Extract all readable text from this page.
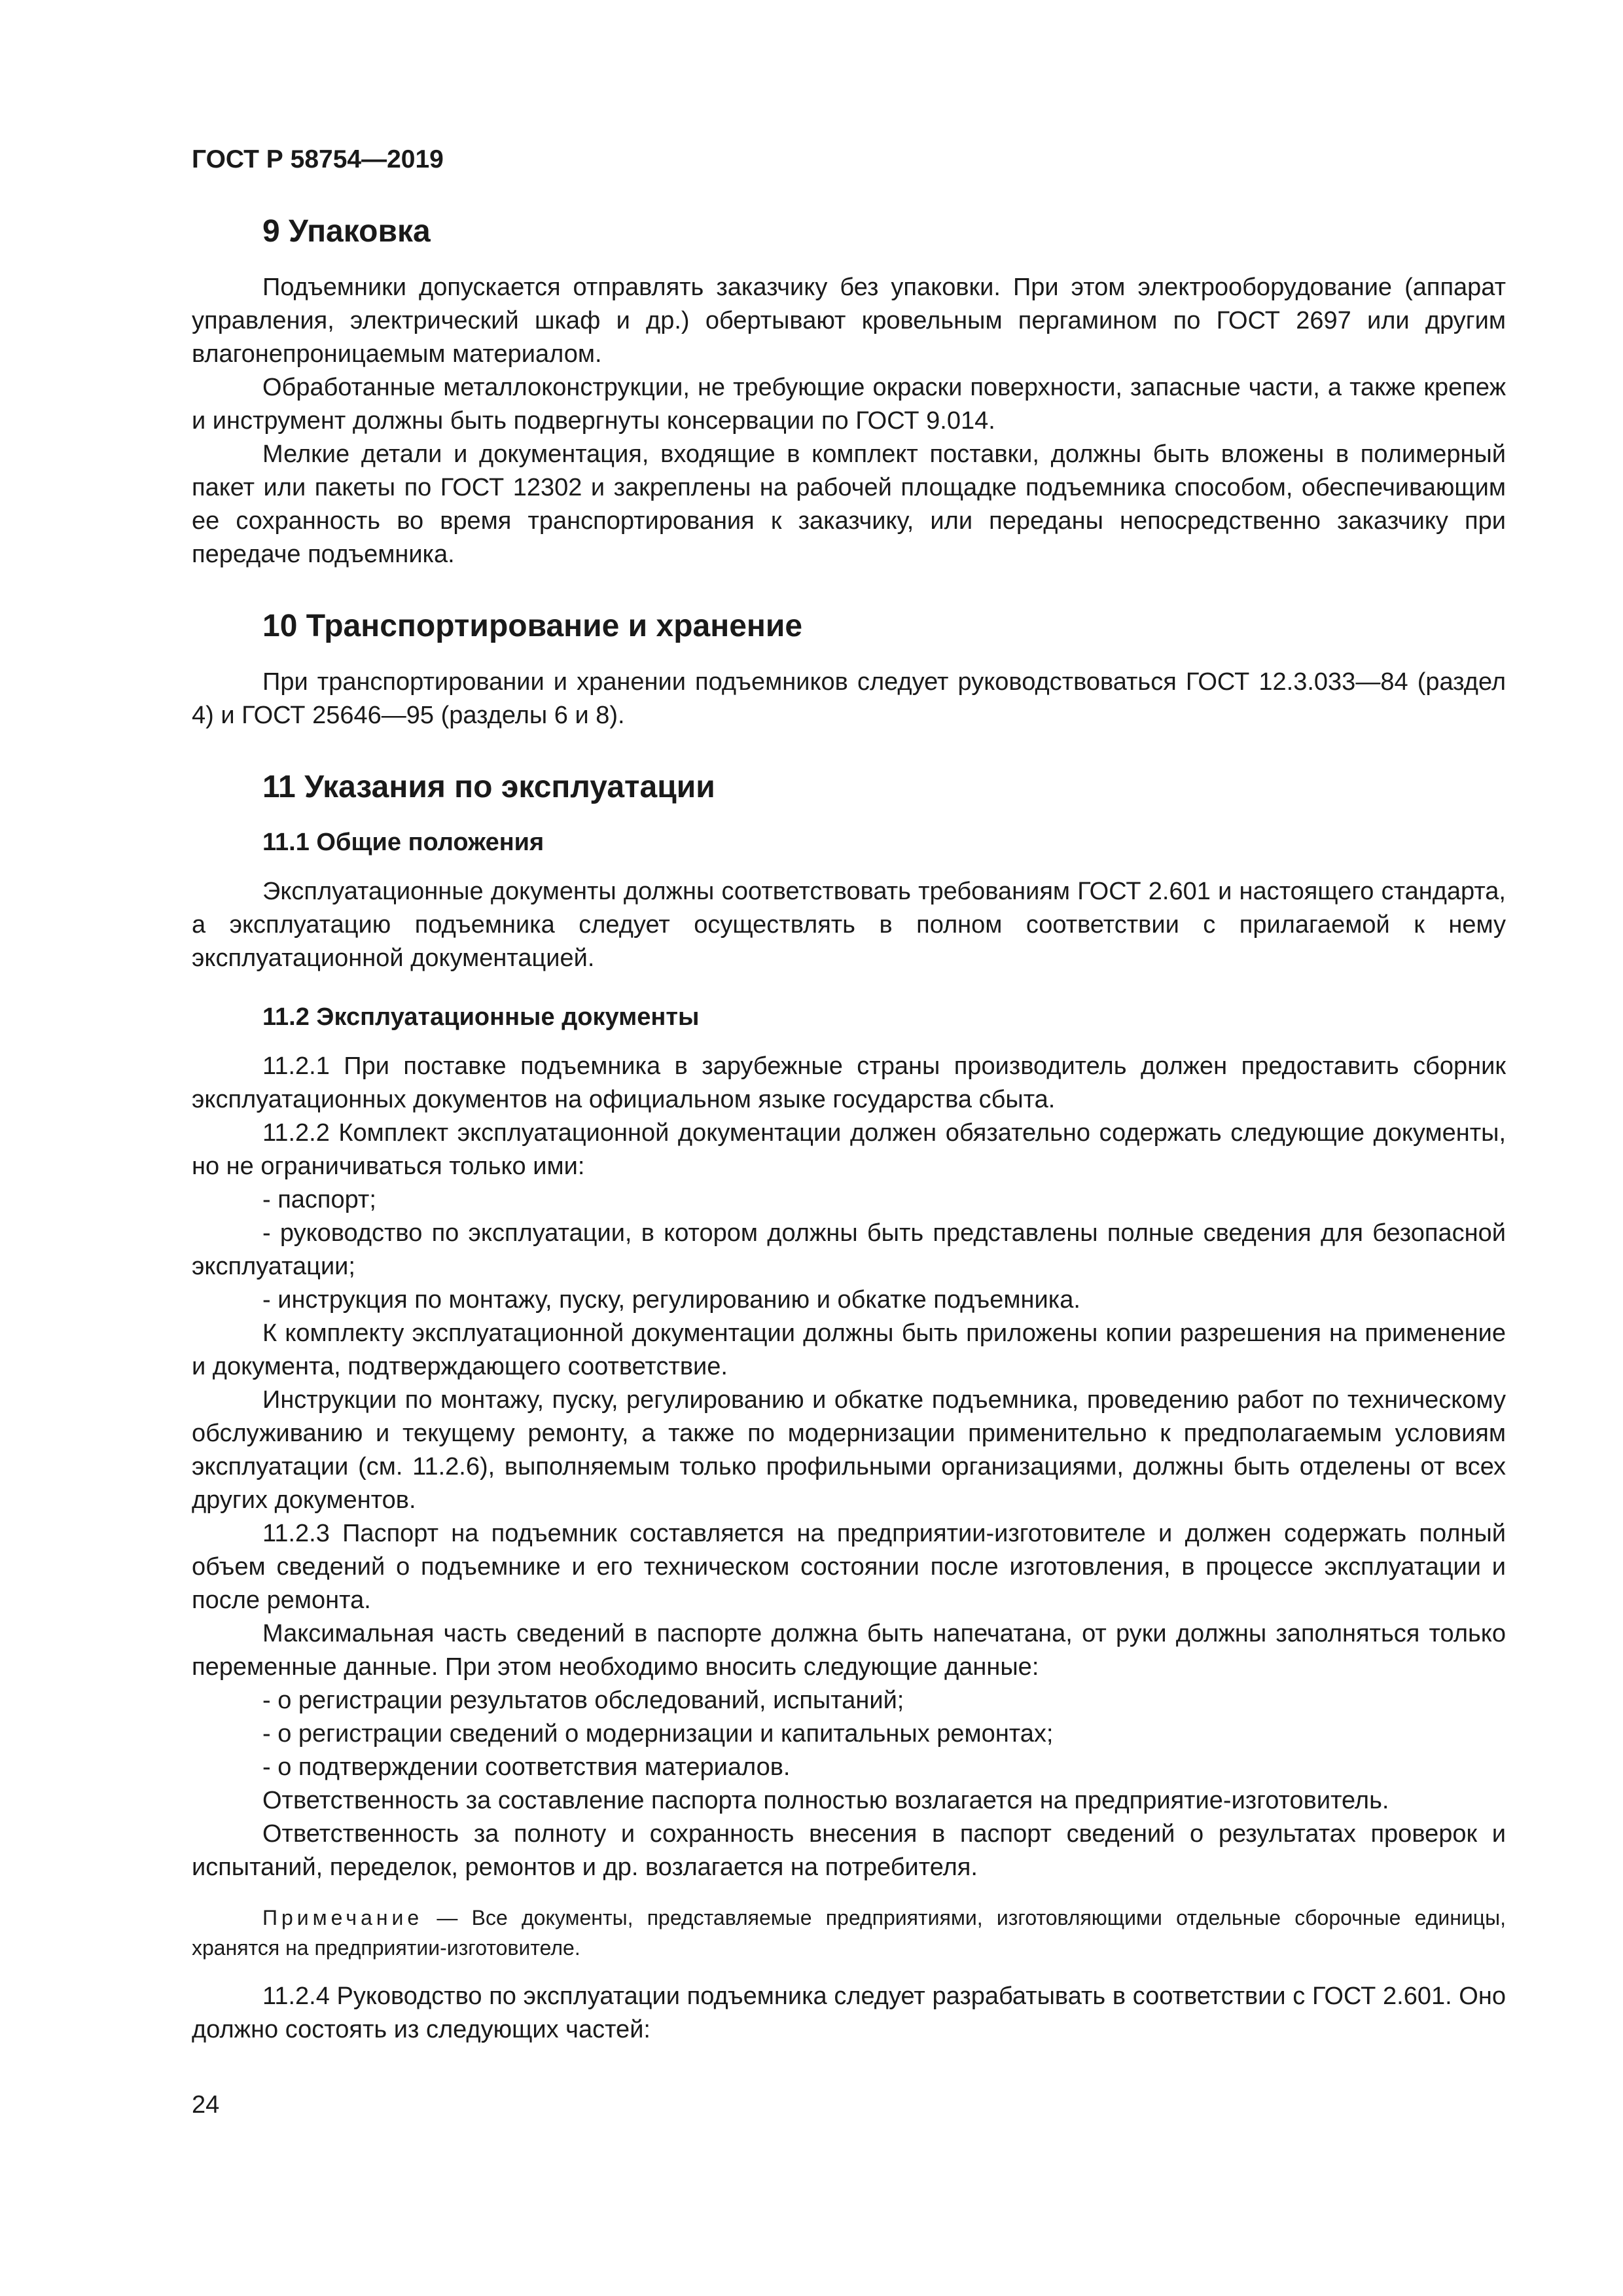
ГОСТ Р 58754—2019
9 Упаковка

Подъемники допускается отправлять заказчику без упаковки. При этом электрооборудование (аппарат управления, электрический шкаф и др.) обертывают кровельным пергамином по ГОСТ 2697 или другим влагонепроницаемым материалом.

Обработанные металлоконструкции, не требующие окраски поверхности, запасные части, а также крепеж и инструмент должны быть подвергнуты консервации по ГОСТ 9.014.

Мелкие детали и документация, входящие в комплект поставки, должны быть вложены в полимерный пакет или пакеты по ГОСТ 12302 и закреплены на рабочей площадке подъемника способом, обеспечивающим ее сохранность во время транспортирования к заказчику, или переданы непосредственно заказчику при передаче подъемника.

10 Транспортирование и хранение

При транспортировании и хранении подъемников следует руководствоваться ГОСТ 12.3.033—84 (раздел 4) и ГОСТ 25646—95 (разделы 6 и 8).

11 Указания по эксплуатации
11.1 Общие положения

Эксплуатационные документы должны соответствовать требованиям ГОСТ 2.601 и настоящего стандарта, а эксплуатацию подъемника следует осуществлять в полном соответствии с прилагаемой к нему эксплуатационной документацией.

11.2 Эксплуатационные документы

11.2.1 При поставке подъемника в зарубежные страны производитель должен предоставить сборник эксплуатационных документов на официальном языке государства сбыта.

11.2.2 Комплект эксплуатационной документации должен обязательно содержать следующие документы, но не ограничиваться только ими:

- паспорт;

- руководство по эксплуатации, в котором должны быть представлены полные сведения для безопасной эксплуатации;

- инструкция по монтажу, пуску, регулированию и обкатке подъемника.

К комплекту эксплуатационной документации должны быть приложены копии разрешения на применение и документа, подтверждающего соответствие.

Инструкции по монтажу, пуску, регулированию и обкатке подъемника, проведению работ по техническому обслуживанию и текущему ремонту, а также по модернизации применительно к предполагаемым условиям эксплуатации (см. 11.2.6), выполняемым только профильными организациями, должны быть отделены от всех других документов.

11.2.3 Паспорт на подъемник составляется на предприятии-изготовителе и должен содержать полный объем сведений о подъемнике и его техническом состоянии после изготовления, в процессе эксплуатации и после ремонта.

Максимальная часть сведений в паспорте должна быть напечатана, от руки должны заполняться только переменные данные. При этом необходимо вносить следующие данные:

- о регистрации результатов обследований, испытаний;

- о регистрации сведений о модернизации и капитальных ремонтах;

- о подтверждении соответствия материалов.

Ответственность за составление паспорта полностью возлагается на предприятие-изготовитель.

Ответственность за полноту и сохранность внесения в паспорт сведений о результатах проверок и испытаний, переделок, ремонтов и др. возлагается на потребителя.

Примечание — Все документы, представляемые предприятиями, изготовляющими отдельные сборочные единицы, хранятся на предприятии-изготовителе.

11.2.4 Руководство по эксплуатации подъемника следует разрабатывать в соответствии с ГОСТ 2.601. Оно должно состоять из следующих частей:

24
